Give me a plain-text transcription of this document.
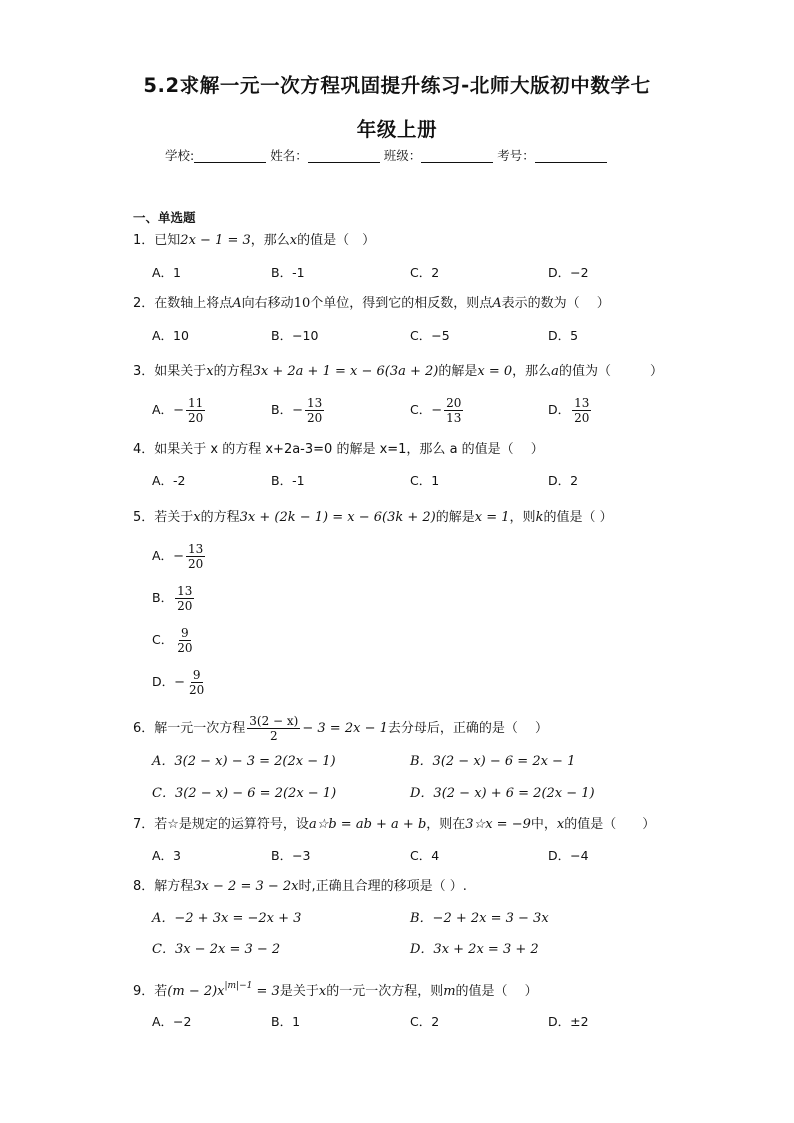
5.2求解一元一次方程巩固提升练习-北师大版初中数学七
年级上册
学校:	姓名：	班级：	考号：
一、单选题
1．已知2x − 1 = 3，那么x的值是（　）
A．1	B．-1	C．2	D．−2
2．在数轴上将点A向右移动10个单位，得到它的相反数，则点A表示的数为（　 ）
A．10	B．−10	C．−5	D．5
3．如果关于x的方程3x + 2a + 1 = x − 6(3a + 2)的解是x = 0，那么a的值为（　　　）
A．− $\frac{11}{20}$	B．− $\frac{13}{20}$	C．− $\frac{20}{13}$	D． $\frac{13}{20}$
4．如果关于 x 的方程 x+2a-3=0 的解是 x=1，那么 a 的值是（　 ）
A．-2	B．-1	C．1	D．2
5．若关于x的方程3x + (2k − 1) = x − 6(3k + 2)的解是x = 1，则k的值是（ ）
A．− $\frac{13}{20}$
B． $\frac{13}{20}$
C． $\frac{9}{20}$
D．− $\frac{9}{20}$
6．解一元一次方程 $\frac{3(2 - x)}{2} - 3 = 2x - 1$去分母后，正确的是（　 ）
A．3(2 − x) − 3 = 2(2x − 1)	B．3(2 − x) − 6 = 2x − 1
C．3(2 − x) − 6 = 2(2x − 1)	D．3(2 − x) + 6 = 2(2x − 1)
7．若☆是规定的运算符号，设a☆b = ab + a + b，则在3☆x = −9中，x的值是（　　）
A．3	B．−3	C．4	D．−4
8．解方程3x − 2 = 3 − 2x时,正确且合理的移项是（ ）.
A．−2 + 3x = −2x + 3	B．−2 + 2x = 3 − 3x
C．3x − 2x = 3 − 2	D．3x + 2x = 3 + 2
9．若$(m - 2)x^{|m|-1} = 3$是关于x的一元一次方程，则m的值是（　 ）
A．−2	B．1	C．2	D．±2
